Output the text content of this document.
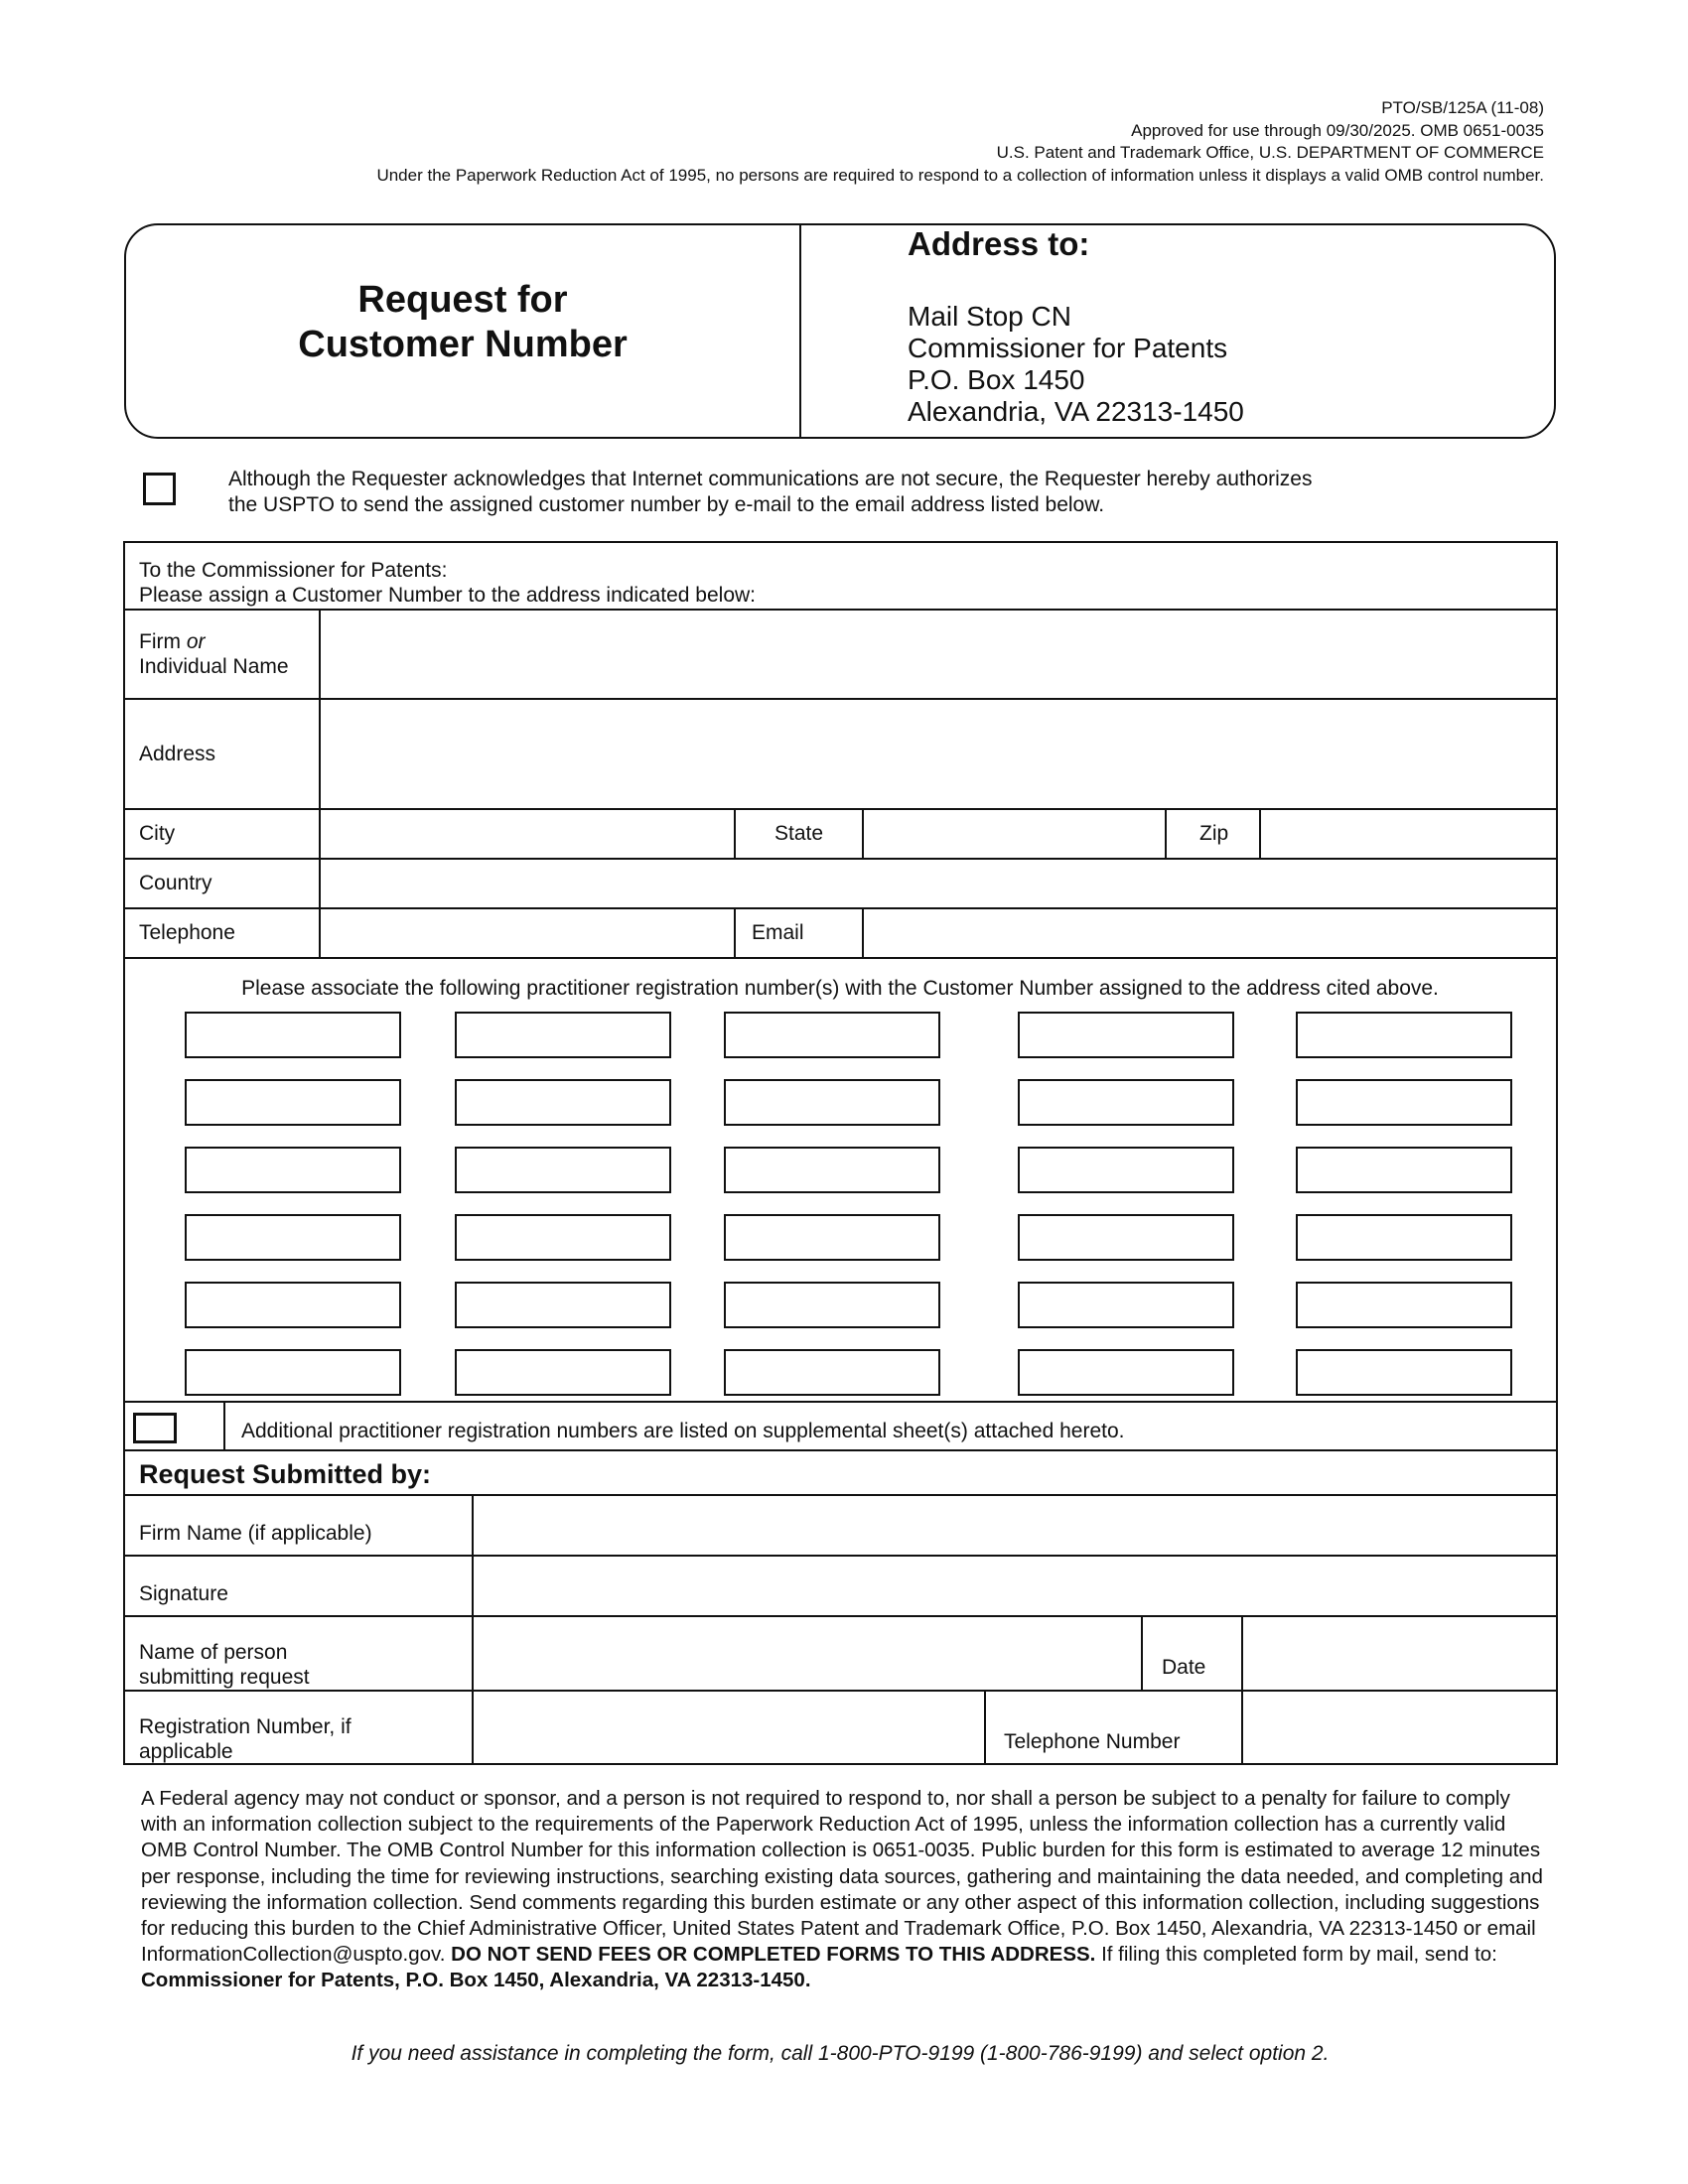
PTO/SB/125A (11-08)
Approved for use through 09/30/2025. OMB 0651-0035
U.S. Patent and Trademark Office, U.S. DEPARTMENT OF COMMERCE
Under the Paperwork Reduction Act of 1995, no persons are required to respond to a collection of information unless it displays a valid OMB control number.
Request for
Customer Number
Address to:
Mail Stop CN
Commissioner for Patents
P.O. Box 1450
Alexandria, VA 22313-1450
Although the Requester acknowledges that Internet communications are not secure, the Requester hereby authorizes
the USPTO to send the assigned customer number by e-mail to the email address listed below.
To the Commissioner for Patents:
Please assign a Customer Number to the address indicated below:
Firm or
Individual Name
Address
City	State	Zip
Country
Telephone	Email
Please associate the following practitioner registration number(s) with the Customer Number assigned to the address cited above.
Additional practitioner registration numbers are listed on supplemental sheet(s) attached hereto.
Request Submitted by:
Firm Name (if applicable)
Signature
Name of person
submitting request	Date
Registration Number, if
applicable	Telephone Number
A Federal agency may not conduct or sponsor, and a person is not required to respond to, nor shall a person be subject to a penalty for failure to comply with an information collection subject to the requirements of the Paperwork Reduction Act of 1995, unless the information collection has a currently valid OMB Control Number. The OMB Control Number for this information collection is 0651-0035. Public burden for this form is estimated to average 12 minutes per response, including the time for reviewing instructions, searching existing data sources, gathering and maintaining the data needed, and completing and reviewing the information collection. Send comments regarding this burden estimate or any other aspect of this information collection, including suggestions for reducing this burden to the Chief Administrative Officer, United States Patent and Trademark Office, P.O. Box 1450, Alexandria, VA 22313-1450 or email InformationCollection@uspto.gov. DO NOT SEND FEES OR COMPLETED FORMS TO THIS ADDRESS. If filing this completed form by mail, send to: Commissioner for Patents, P.O. Box 1450, Alexandria, VA 22313-1450.
If you need assistance in completing the form, call 1-800-PTO-9199 (1-800-786-9199) and select option 2.
